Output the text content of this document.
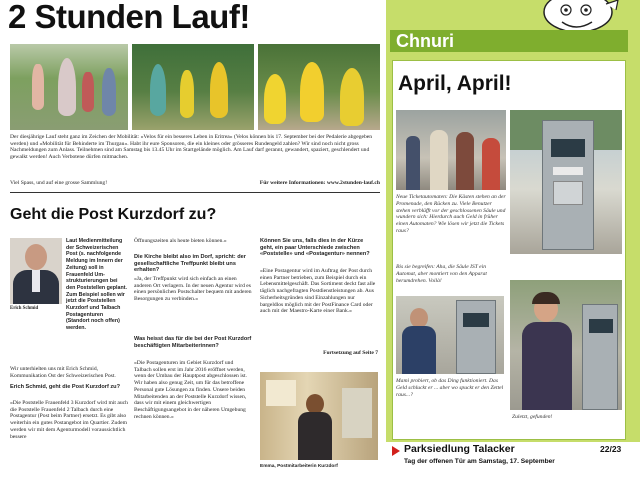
2 Stunden Lauf!
Der diesjährige Lauf steht ganz im Zeichen der Mobilität: «Velos für ein besseres Leben in Eritrea» (Velos können bis 17. September bei der Pedalerie abgegeben werden) und «Mobilität für Behinderte im Thurgau». Habt ihr eure Sponsoren, die ein kleines oder grösseres Rundengeld zahlen? Wir sind noch nicht gross Nachmeldungen zum Anlass. Teilnehmen sind am Samstag bis 13.45 Uhr im Startgelände möglich. Am Lauf darf gerannt, gewandert, spaziert, geschlendert und gewalkt werden! Auch Verbotene dürfen mitmachen.
Viel Spass, und auf eine grosse Sammlung!	Für weitere Informationen: www.2stunden-lauf.ch
Geht die Post Kurzdorf zu?
Erich Schmid
Laut Medienmitteilung der Schweizerischen Post (s. nachfolgende Meldung im Innern der Zeitung) soll in Frauenfeld Umstrukturierungen bei den Poststellen geplant. Zum Beispiel sollen wir jetzt die Poststellen Kurzdorf und Talbach Postagenturen (Standort noch offen) werden.
Wir unterhielten uns mit Erich Schmid, Kommunikation Ost der Schweizerischen Post.
Erich Schmid, geht die Post Kurzdorf zu?
«Die Poststelle Frauenfeld 3 Kurzdorf wird mit auch die Poststelle Frauenfeld 2 Talbach durch eine Postagentur (Post beim Partner) ersetzt. Es gibt also weiterhin ein gutes Postangebot im Quartier. Zudem werden wir mit dem Agenturmodell voraussichtlich bessere
Öffnungszeiten als heute bieten können.»
Die Kirche bleibt also im Dorf, spricht: der gesellschaftliche Treffpunkt bleibt uns erhalten?
«Ja, der Treffpunkt wird sich einfach an einen anderen Ort verlagern. In der neuen Agentur wird es einen persönlichen Postschalter bequem mit anderen Besorgungen zu verbinden.»
Was heisst das für die bei der Post Kurzdorf beschäftigten Mitarbeiterinnen?
«Die Postagenturen im Gebiet Kurzdorf und Talbach sollen erst im Jahr 2016 eröffnet werden, wenn der Umbau der Hauptpost abgeschlossen ist. Wir haben also genug Zeit, um für das betroffene Personal gute Lösungen zu finden. Unsere beiden Mitarbeitenden an der Poststelle Kurzdorf wissen, dass wir mit einem gleichwertigen Beschäftigungsangebot in der näheren Umgebung rechnen können.»
Können Sie uns, falls dies in der Kürze geht, ein paar Unterschiede zwischen «Poststelle» und «Postagentur» nennen?
«Eine Postagentur wird im Auftrag der Post durch einen Partner betrieben, zum Beispiel durch ein Lebensmittelgeschäft. Das Sortiment deckt fast alle täglich nachgefragten Postdienstleistungen ab. Aus Sicherheitsgründen sind Einzahlungen nur bargeldlos möglich mit der PostFinance Card oder auch mit der Maestro-Karte einer Bank.»
Fortsetzung auf Seite 7
Emma, Postmitarbeiterin Kurzdorf
Chnuri
April, April!
Neue Ticketautomaten: Die Kästen stehen an der Promenade, den Rücken zu. Viele Benutzer stehen verblüfft vor der geschlossenen Säule und wundern sich: Hierdurch auch Geld in früher einen Automaten? Wie lösen wir jetzt die Tickets raus?
Bis sie begreifen: Aha, die Säule IST ein Automat, aber montiert von den Apparat herumdrehen. Voilà!
Mami probiert, ob das Ding funktioniert. Das Geld schluckt er ... aber wo spuckt er den Zettel raus...?
Zuletzt, gefunden!
Parksiedlung Talacker	22/23
Tag der offenen Tür am Samstag, 17. September
